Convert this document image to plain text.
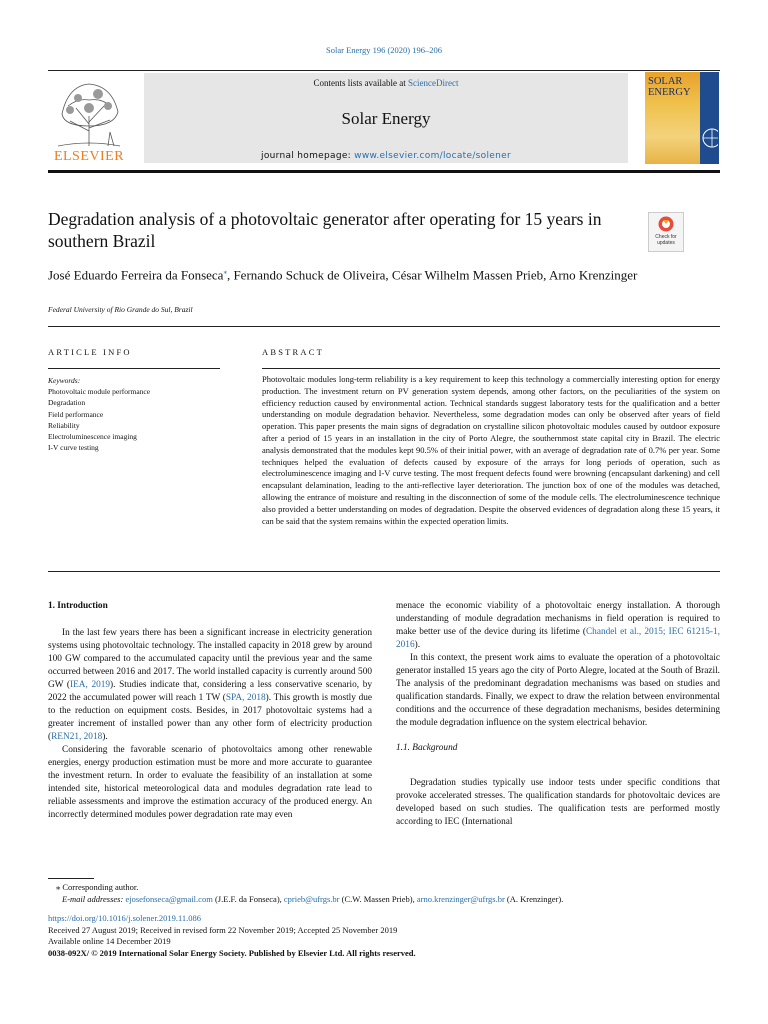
Solar Energy 196 (2020) 196–206
ELSEVIER
Contents lists available at ScienceDirect
Solar Energy
journal homepage: www.elsevier.com/locate/solener
SOLAR ENERGY
Degradation analysis of a photovoltaic generator after operating for 15 years in southern Brazil	Check for updates
José Eduardo Ferreira da Fonseca⁎, Fernando Schuck de Oliveira, César Wilhelm Massen Prieb, Arno Krenzinger
Federal University of Rio Grande do Sul, Brazil
ARTICLE INFO	ABSTRACT
Keywords:
Photovoltaic module performance
Degradation
Field performance
Reliability
Electroluminescence imaging
I-V curve testing
Photovoltaic modules long-term reliability is a key requirement to keep this technology a commercially interesting option for energy production. The investment return on PV generation system depends, among other factors, on the peculiarities of the system on efficiency reduction caused by environmental action. Technical standards suggest laboratory tests for the qualification and a better understanding on module degradation behavior. Nevertheless, some degradation modes can only be observed after years of field operation. This paper presents the main signs of degradation on crystalline silicon photovoltaic modules caused by outdoor exposure after a period of 15 years in an installation in the city of Porto Alegre, the southernmost state capital city in Brazil. The electric analysis demonstrated that the modules kept 90.5% of their initial power, with an average of degradation rate of 0.7% per year. Some techniques helped the evaluation of defects caused by exposure of the arrays for long periods of operation, such as electroluminescence imaging and I-V curve testing. The most frequent defects found were browning (encapsulant darkening) and cell encapsulant delamination, leading to the anti-reflective layer deterioration. The junction box of one of the modules was detached, allowing the entrance of moisture and resulting in the disconnection of some of the module cells. The electroluminescence technique also provided a better understanding on modes of degradation. Despite the observed evidences of degradation along these 15 years, it can be said that the system remains within the expected operation limits.

1. Introduction

In the last few years there has been a significant increase in electricity generation systems using photovoltaic technology. The installed capacity in 2018 grew by around 100 GW compared to the accumulated capacity until the previous year and the same occurred between 2016 and 2017. The world installed capacity is currently around 500 GW (IEA, 2019). Studies indicate that, considering a less conservative scenario, by 2022 the accumulated power will reach 1 TW (SPA, 2018). This growth is mostly due to the reduction on equipment costs. Besides, in 2017 photovoltaic systems had a greater increment of installed power than any other form of electricity production (REN21, 2018).

Considering the favorable scenario of photovoltaics among other renewable energies, energy production estimation must be more and more accurate to guarantee the investment return. In order to evaluate the feasibility of an installation at some intended site, historical meteorological data and modules degradation rate lead to reliable assessments and improve the estimation accuracy of the produced energy. An incorrectly determined modules power degradation rate may even

menace the economic viability of a photovoltaic energy installation. A thorough understanding of module degradation mechanisms in field operation is required to make better use of the device during its lifetime (Chandel et al., 2015; IEC 61215-1, 2016).

In this context, the present work aims to evaluate the operation of a photovoltaic generator installed 15 years ago the city of Porto Alegre, located at the South of Brazil. The analysis of the predominant degradation mechanisms was based on studies and qualification standards. Finally, we expect to draw the relation between environmental conditions and the occurrence of these degradation mechanisms, besides determining the module degradation influence on the system electrical behavior.

1.1. Background

Degradation studies typically use indoor tests under specific conditions that provoke accelerated stresses. The qualification standards for photovoltaic devices are developed based on such studies. The qualification tests are performed mostly according to IEC (International

⁎ Corresponding author.
E-mail addresses: ejosefonseca@gmail.com (J.E.F. da Fonseca), cprieb@ufrgs.br (C.W. Massen Prieb), arno.krenzinger@ufrgs.br (A. Krenzinger).
https://doi.org/10.1016/j.solener.2019.11.086
Received 27 August 2019; Received in revised form 22 November 2019; Accepted 25 November 2019
Available online 14 December 2019
0038-092X/ © 2019 International Solar Energy Society. Published by Elsevier Ltd. All rights reserved.
